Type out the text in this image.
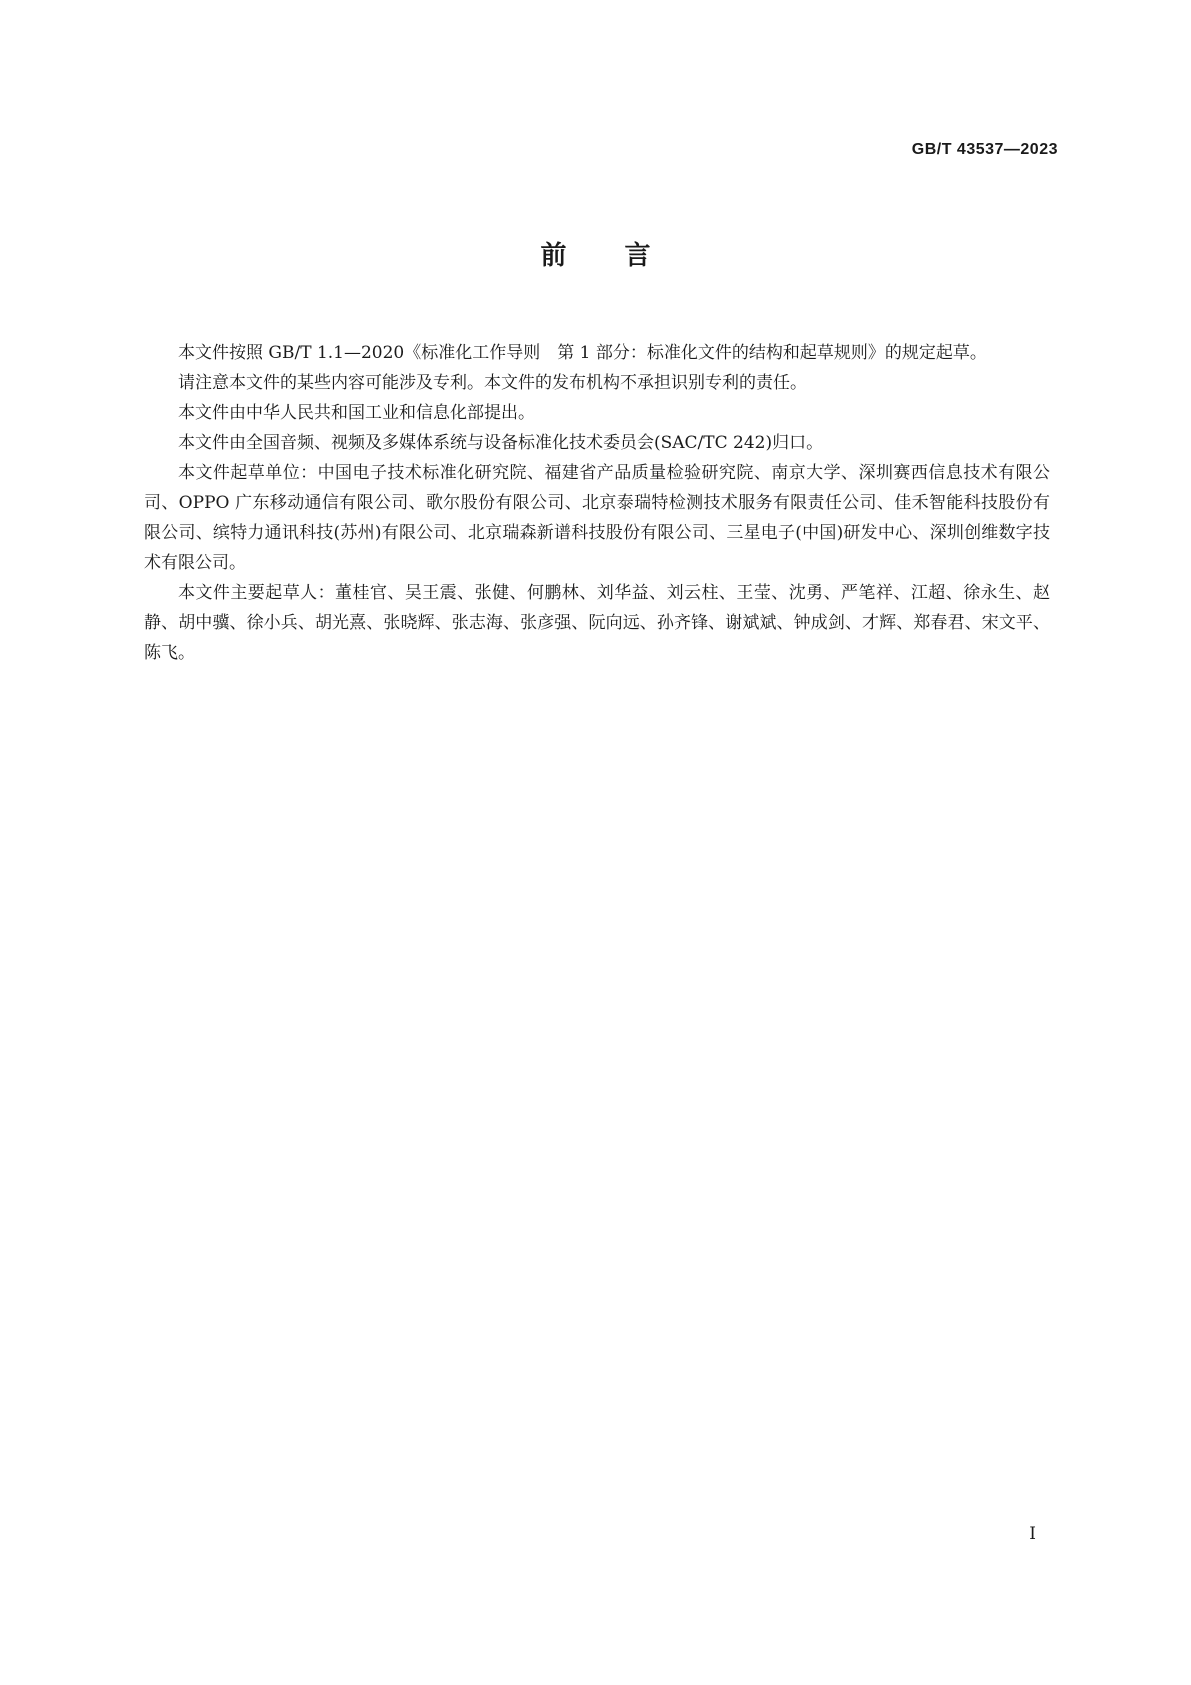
GB/T 43537—2023
前 言

本文件按照 GB/T 1.1—2020《标准化工作导则　第 1 部分：标准化文件的结构和起草规则》的规定起草。

请注意本文件的某些内容可能涉及专利。本文件的发布机构不承担识别专利的责任。

本文件由中华人民共和国工业和信息化部提出。

本文件由全国音频、视频及多媒体系统与设备标准化技术委员会(SAC/TC 242)归口。

本文件起草单位：中国电子技术标准化研究院、福建省产品质量检验研究院、南京大学、深圳赛西信息技术有限公司、OPPO 广东移动通信有限公司、歌尔股份有限公司、北京泰瑞特检测技术服务有限责任公司、佳禾智能科技股份有限公司、缤特力通讯科技(苏州)有限公司、北京瑞森新谱科技股份有限公司、三星电子(中国)研发中心、深圳创维数字技术有限公司。

本文件主要起草人：董桂官、吴王震、张健、何鹏林、刘华益、刘云柱、王莹、沈勇、严笔祥、江超、徐永生、赵静、胡中骥、徐小兵、胡光熹、张晓辉、张志海、张彦强、阮向远、孙齐锋、谢斌斌、钟成剑、才辉、郑春君、宋文平、陈飞。

I
